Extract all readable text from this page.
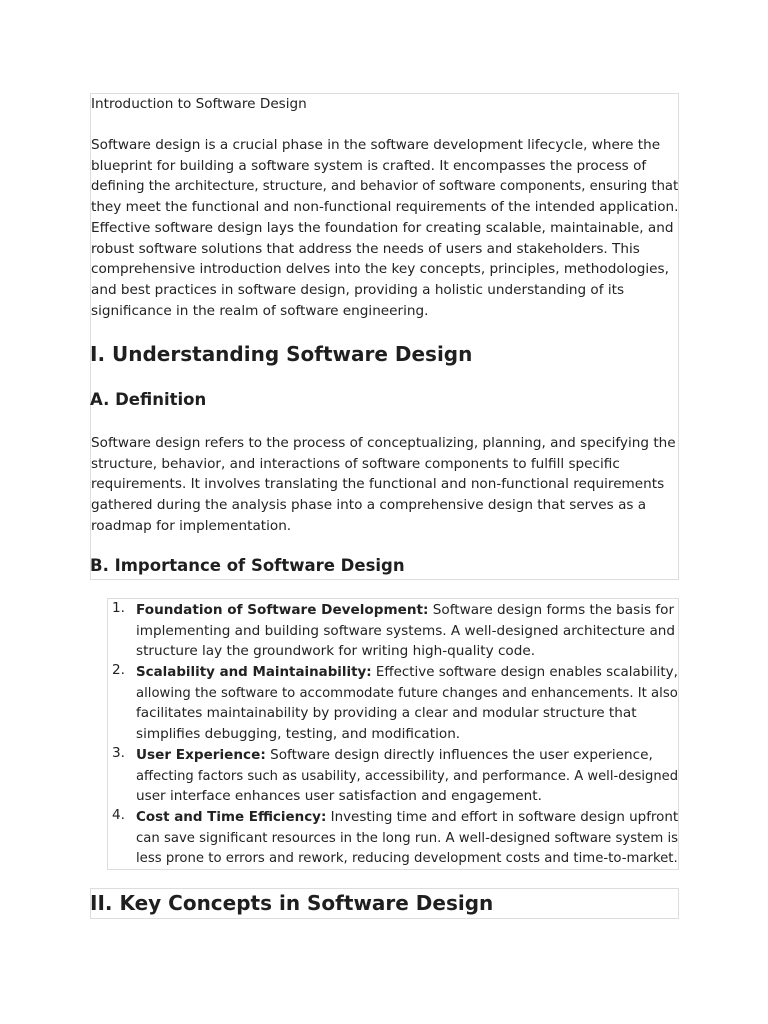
Introduction to Software Design
Software design is a crucial phase in the software development lifecycle, where the
blueprint for building a software system is crafted. It encompasses the process of
defining the architecture, structure, and behavior of software components, ensuring that
they meet the functional and non-functional requirements of the intended application.
Effective software design lays the foundation for creating scalable, maintainable, and
robust software solutions that address the needs of users and stakeholders. This
comprehensive introduction delves into the key concepts, principles, methodologies,
and best practices in software design, providing a holistic understanding of its
significance in the realm of software engineering.
I. Understanding Software Design
A. Definition
Software design refers to the process of conceptualizing, planning, and specifying the
structure, behavior, and interactions of software components to fulfill specific
requirements. It involves translating the functional and non-functional requirements
gathered during the analysis phase into a comprehensive design that serves as a
roadmap for implementation.
B. Importance of Software Design
1. Foundation of Software Development: Software design forms the basis for
implementing and building software systems. A well-designed architecture and
structure lay the groundwork for writing high-quality code.
2. Scalability and Maintainability: Effective software design enables scalability,
allowing the software to accommodate future changes and enhancements. It also
facilitates maintainability by providing a clear and modular structure that
simplifies debugging, testing, and modification.
3. User Experience: Software design directly influences the user experience,
affecting factors such as usability, accessibility, and performance. A well-designed
user interface enhances user satisfaction and engagement.
4. Cost and Time Efficiency: Investing time and effort in software design upfront
can save significant resources in the long run. A well-designed software system is
less prone to errors and rework, reducing development costs and time-to-market.
II. Key Concepts in Software Design
